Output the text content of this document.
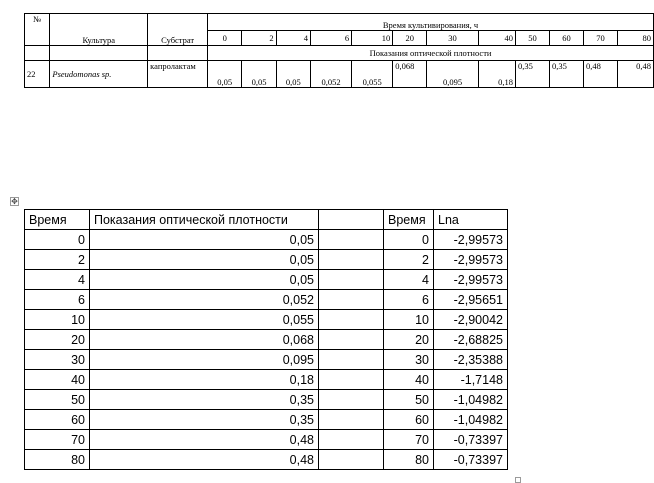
№	Культура	Субстрат	Время культивирования, ч											
			0	2	4	6	10	20	30	40	50	60	70	80
			Показания оптической плотности											
22	Pseudomonas sp.	капролактам	0,05	0,05	0,05	0,052	0,055	0,068	0,095	0,18	0,35	0,35	0,48	0,48
✥
Время	Показания оптической плотности		Время	Lna
0	0,05		0	-2,99573
2	0,05		2	-2,99573
4	0,05		4	-2,99573
6	0,052		6	-2,95651
10	0,055		10	-2,90042
20	0,068		20	-2,68825
30	0,095		30	-2,35388
40	0,18		40	-1,7148
50	0,35		50	-1,04982
60	0,35		60	-1,04982
70	0,48		70	-0,73397
80	0,48		80	-0,73397
